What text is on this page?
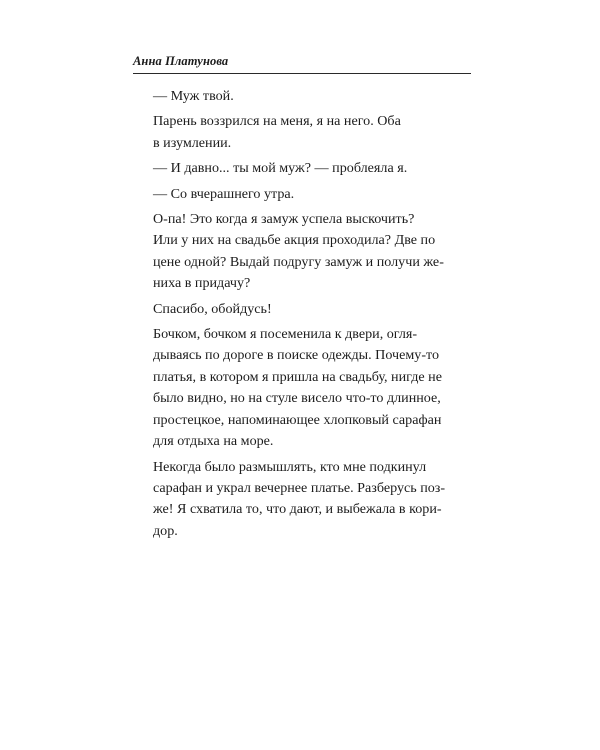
Анна Платунова

— Муж твой.

Парень воззрился на меня, я на него. Оба
в изумлении.

— И давно... ты мой муж? — проблеяла я.

— Со вчерашнего утра.

О-па! Это когда я замуж успела выскочить?
Или у них на свадьбе акция проходила? Две по
цене одной? Выдай подругу замуж и получи же-
ниха в придачу?

Спасибо, обойдусь!

Бочком, бочком я посеменила к двери, огля-
дываясь по дороге в поиске одежды. Почему-то
платья, в котором я пришла на свадьбу, нигде не
было видно, но на стуле висело что-то длинное,
простецкое, напоминающее хлопковый сарафан
для отдыха на море.

Некогда было размышлять, кто мне подкинул
сарафан и украл вечернее платье. Разберусь поз-
же! Я схватила то, что дают, и выбежала в кори-
дор.
